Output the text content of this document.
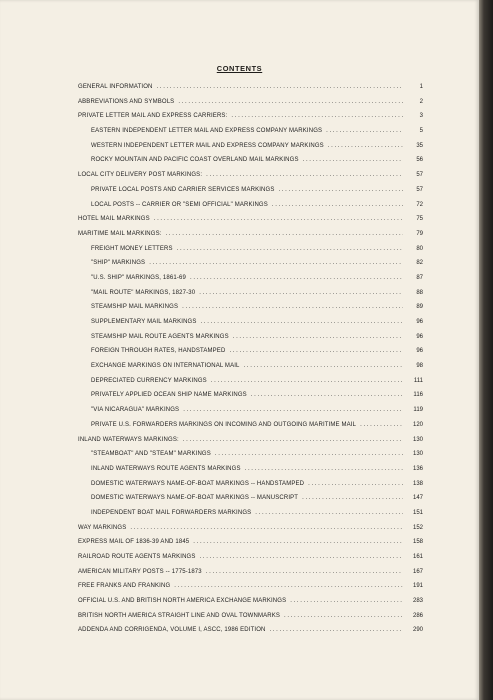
CONTENTS
GENERAL INFORMATION . . .	1
ABBREVIATIONS AND SYMBOLS . . .	2
PRIVATE LETTER MAIL AND EXPRESS CARRIERS: . . .	3
EASTERN INDEPENDENT LETTER MAIL AND EXPRESS COMPANY MARKINGS . . .	5
WESTERN INDEPENDENT LETTER MAIL AND EXPRESS COMPANY MARKINGS . . .	35
ROCKY MOUNTAIN AND PACIFIC COAST OVERLAND MAIL MARKINGS . . .	56
LOCAL CITY DELIVERY POST MARKINGS: . . .	57
PRIVATE LOCAL POSTS AND CARRIER SERVICES MARKINGS . . .	57
LOCAL POSTS -- CARRIER OR "SEMI OFFICIAL" MARKINGS . . .	72
HOTEL MAIL MARKINGS . . .	75
MARITIME MAIL MARKINGS: . . .	79
FREIGHT MONEY LETTERS . . .	80
"SHIP" MARKINGS . . .	82
"U.S. SHIP" MARKINGS, 1861-69 . . .	87
"MAIL ROUTE" MARKINGS, 1827-30 . . .	88
STEAMSHIP MAIL MARKINGS . . .	89
SUPPLEMENTARY MAIL MARKINGS . . .	96
STEAMSHIP MAIL ROUTE AGENTS MARKINGS . . .	96
FOREIGN THROUGH RATES, HANDSTAMPED . . .	96
EXCHANGE MARKINGS ON INTERNATIONAL MAIL . . .	98
DEPRECIATED CURRENCY MARKINGS . . .	111
PRIVATELY APPLIED OCEAN SHIP NAME MARKINGS . . .	116
"VIA NICARAGUA" MARKINGS . . .	119
PRIVATE U.S. FORWARDERS MARKINGS ON INCOMING AND OUTGOING MARITIME MAIL . . .	120
INLAND WATERWAYS MARKINGS: . . .	130
"STEAMBOAT" AND "STEAM" MARKINGS . . .	130
INLAND WATERWAYS ROUTE AGENTS MARKINGS . . .	136
DOMESTIC WATERWAYS NAME-OF-BOAT MARKINGS -- HANDSTAMPED . . .	138
DOMESTIC WATERWAYS NAME-OF-BOAT MARKINGS -- MANUSCRIPT . . .	147
INDEPENDENT BOAT MAIL FORWARDERS MARKINGS . . .	151
WAY MARKINGS . . .	152
EXPRESS MAIL OF 1836-39 AND 1845 . . .	158
RAILROAD ROUTE AGENTS MARKINGS . . .	161
AMERICAN MILITARY POSTS -- 1775-1873 . . .	167
FREE FRANKS AND FRANKING . . .	191
OFFICIAL U.S. AND BRITISH NORTH AMERICA EXCHANGE MARKINGS . . .	283
BRITISH NORTH AMERICA STRAIGHT LINE AND OVAL TOWNMARKS . . .	286
ADDENDA AND CORRIGENDA, VOLUME I, ASCC, 1986 EDITION . . .	290
